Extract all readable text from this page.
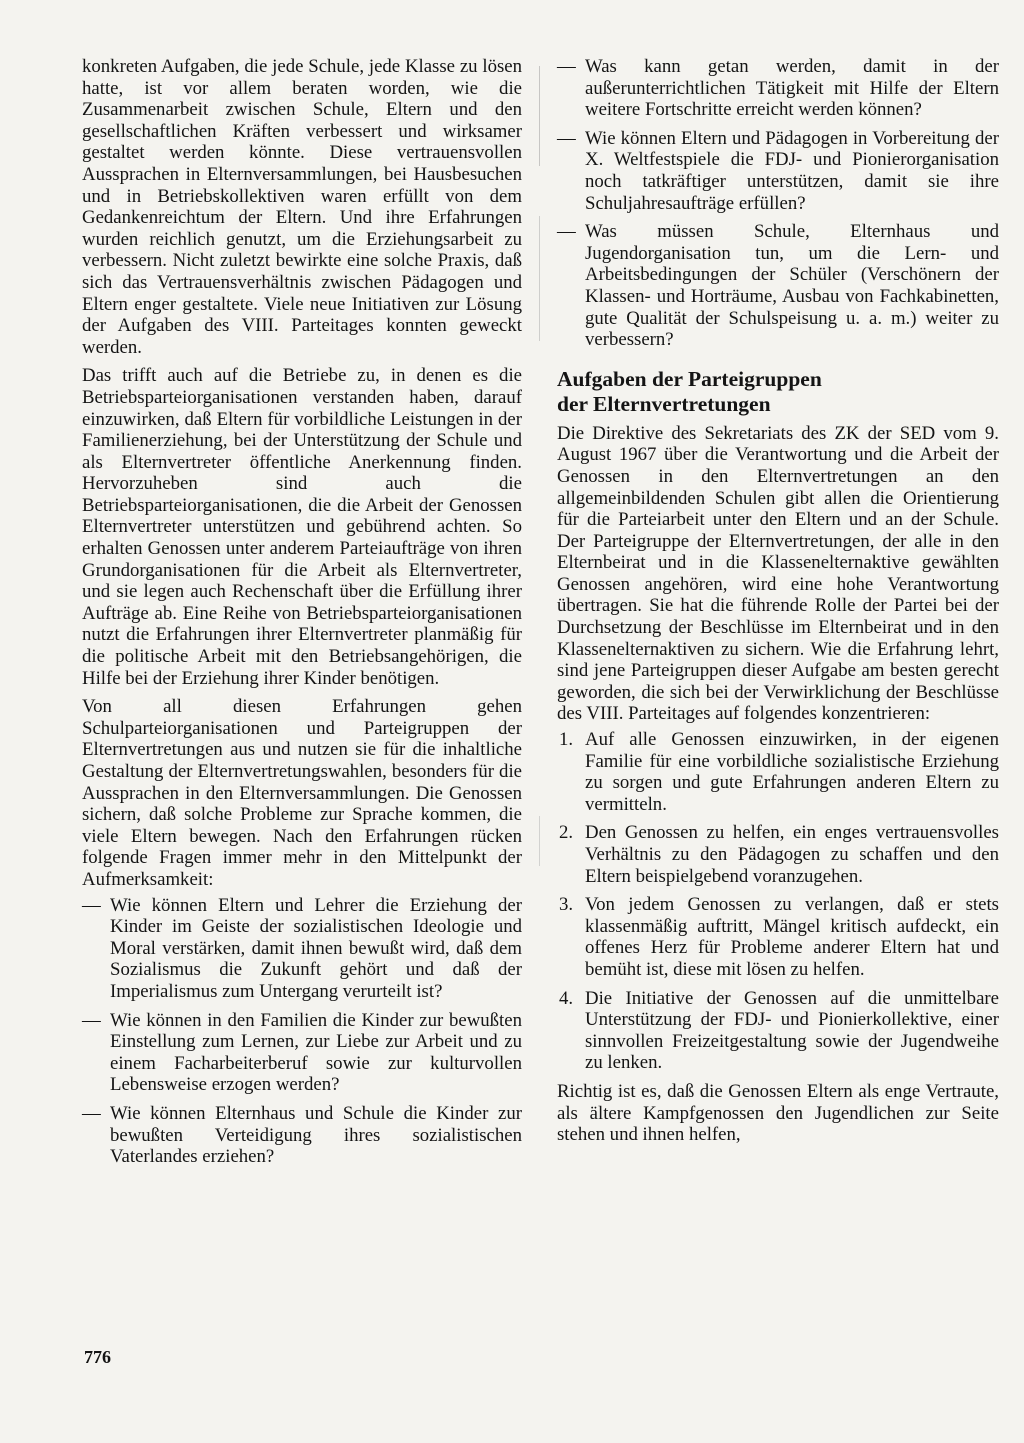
konkreten Aufgaben, die jede Schule, jede Klasse zu lösen hatte, ist vor allem beraten worden, wie die Zusammenarbeit zwischen Schule, Eltern und den gesellschaftlichen Kräften verbessert und wirksamer gestaltet werden könnte. Diese vertrauensvollen Aussprachen in Elternversammlungen, bei Hausbesuchen und in Betriebskollektiven waren erfüllt von dem Gedankenreichtum der Eltern. Und ihre Erfahrungen wurden reichlich genutzt, um die Erziehungsarbeit zu verbessern. Nicht zuletzt bewirkte eine solche Praxis, daß sich das Vertrauensverhältnis zwischen Pädagogen und Eltern enger gestaltete. Viele neue Initiativen zur Lösung der Aufgaben des VIII. Parteitages konnten geweckt werden.

Das trifft auch auf die Betriebe zu, in denen es die Betriebsparteiorganisationen verstanden haben, darauf einzuwirken, daß Eltern für vorbildliche Leistungen in der Familienerziehung, bei der Unterstützung der Schule und als Elternvertreter öffentliche Anerkennung finden. Hervorzuheben sind auch die Betriebsparteiorganisationen, die die Arbeit der Genossen Elternvertreter unterstützen und gebührend achten. So erhalten Genossen unter anderem Parteiaufträge von ihren Grundorganisationen für die Arbeit als Elternvertreter, und sie legen auch Rechenschaft über die Erfüllung ihrer Aufträge ab. Eine Reihe von Betriebsparteiorganisationen nutzt die Erfahrungen ihrer Elternvertreter planmäßig für die politische Arbeit mit den Betriebsangehörigen, die Hilfe bei der Erziehung ihrer Kinder benötigen.

Von all diesen Erfahrungen gehen Schulparteiorganisationen und Parteigruppen der Elternvertretungen aus und nutzen sie für die inhaltliche Gestaltung der Elternvertretungswahlen, besonders für die Aussprachen in den Elternversammlungen. Die Genossen sichern, daß solche Probleme zur Sprache kommen, die viele Eltern bewegen. Nach den Erfahrungen rücken folgende Fragen immer mehr in den Mittelpunkt der Aufmerksamkeit:

— Wie können Eltern und Lehrer die Erziehung der Kinder im Geiste der sozialistischen Ideologie und Moral verstärken, damit ihnen bewußt wird, daß dem Sozialismus die Zukunft gehört und daß der Imperialismus zum Untergang verurteilt ist?
— Wie können in den Familien die Kinder zur bewußten Einstellung zum Lernen, zur Liebe zur Arbeit und zu einem Facharbeiterberuf sowie zur kulturvollen Lebensweise erzogen werden?
— Wie können Elternhaus und Schule die Kinder zur bewußten Verteidigung ihres sozialistischen Vaterlandes erziehen?
— Was kann getan werden, damit in der außerunterrichtlichen Tätigkeit mit Hilfe der Eltern weitere Fortschritte erreicht werden können?
— Wie können Eltern und Pädagogen in Vorbereitung der X. Weltfestspiele die FDJ- und Pionierorganisation noch tatkräftiger unterstützen, damit sie ihre Schuljahresaufträge erfüllen?
— Was müssen Schule, Elternhaus und Jugendorganisation tun, um die Lern- und Arbeitsbedingungen der Schüler (Verschönern der Klassen- und Horträume, Ausbau von Fachkabinetten, gute Qualität der Schulspeisung u. a. m.) weiter zu verbessern?
Aufgaben der Parteigruppen
der Elternvertretungen

Die Direktive des Sekretariats des ZK der SED vom 9. August 1967 über die Verantwortung und die Arbeit der Genossen in den Elternvertretungen an den allgemeinbildenden Schulen gibt allen die Orientierung für die Parteiarbeit unter den Eltern und an der Schule. Der Parteigruppe der Elternvertretungen, der alle in den Elternbeirat und in die Klassenelternaktive gewählten Genossen angehören, wird eine hohe Verantwortung übertragen. Sie hat die führende Rolle der Partei bei der Durchsetzung der Beschlüsse im Elternbeirat und in den Klassenelternaktiven zu sichern. Wie die Erfahrung lehrt, sind jene Parteigruppen dieser Aufgabe am besten gerecht geworden, die sich bei der Verwirklichung der Beschlüsse des VIII. Parteitages auf folgendes konzentrieren:

1. Auf alle Genossen einzuwirken, in der eigenen Familie für eine vorbildliche sozialistische Erziehung zu sorgen und gute Erfahrungen anderen Eltern zu vermitteln.
2. Den Genossen zu helfen, ein enges vertrauensvolles Verhältnis zu den Pädagogen zu schaffen und den Eltern beispielgebend voranzugehen.
3. Von jedem Genossen zu verlangen, daß er stets klassenmäßig auftritt, Mängel kritisch aufdeckt, ein offenes Herz für Probleme anderer Eltern hat und bemüht ist, diese mit lösen zu helfen.
4. Die Initiative der Genossen auf die unmittelbare Unterstützung der FDJ- und Pionierkollektive, einer sinnvollen Freizeitgestaltung sowie der Jugendweihe zu lenken.

Richtig ist es, daß die Genossen Eltern als enge Vertraute, als ältere Kampfgenossen den Jugendlichen zur Seite stehen und ihnen helfen,

776
